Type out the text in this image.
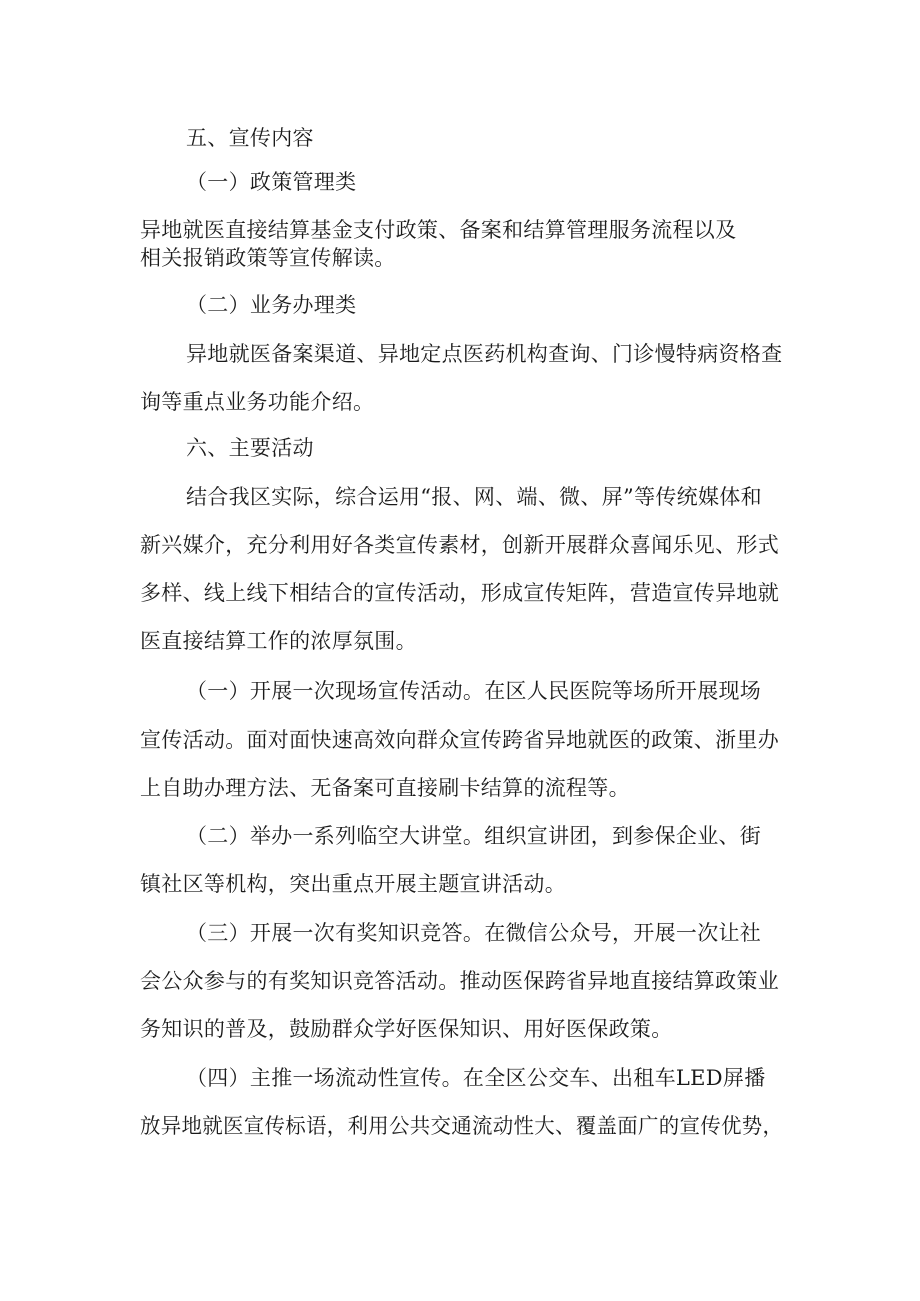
五、宣传内容
（一）政策管理类
异地就医直接结算基金支付政策、备案和结算管理服务流程以及
相关报销政策等宣传解读。
（二）业务办理类
异地就医备案渠道、异地定点医药机构查询、门诊慢特病资格查
询等重点业务功能介绍。
六、主要活动
结合我区实际，综合运用“报、网、端、微、屏”等传统媒体和
新兴媒介，充分利用好各类宣传素材，创新开展群众喜闻乐见、形式
多样、线上线下相结合的宣传活动，形成宣传矩阵，营造宣传异地就
医直接结算工作的浓厚氛围。
（一）开展一次现场宣传活动。在区人民医院等场所开展现场
宣传活动。面对面快速高效向群众宣传跨省异地就医的政策、浙里办
上自助办理方法、无备案可直接刷卡结算的流程等。
（二）举办一系列临空大讲堂。组织宣讲团，到参保企业、街
镇社区等机构，突出重点开展主题宣讲活动。
（三）开展一次有奖知识竞答。在微信公众号，开展一次让社
会公众参与的有奖知识竞答活动。推动医保跨省异地直接结算政策业
务知识的普及，鼓励群众学好医保知识、用好医保政策。
（四）主推一场流动性宣传。在全区公交车、出租车LED屏播
放异地就医宣传标语，利用公共交通流动性大、覆盖面广的宣传优势，
